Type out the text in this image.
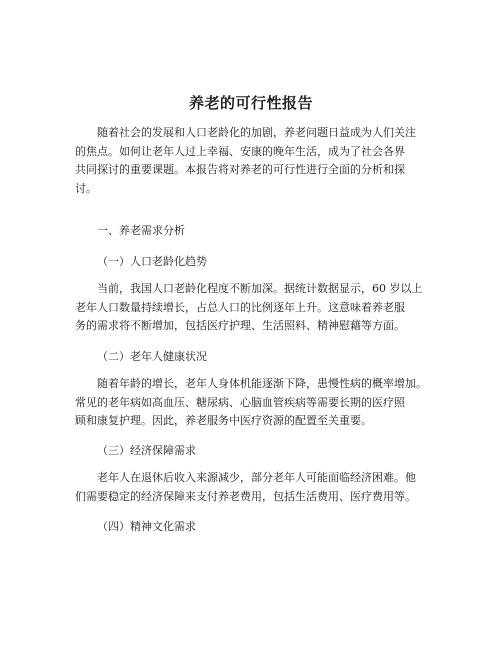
养老的可行性报告

随着社会的发展和人口老龄化的加剧，养老问题日益成为人们关注
的焦点。如何让老年人过上幸福、安康的晚年生活，成为了社会各界
共同探讨的重要课题。本报告将对养老的可行性进行全面的分析和探
讨。

一、养老需求分析
（一）人口老龄化趋势

当前，我国人口老龄化程度不断加深。据统计数据显示，60 岁以上
老年人口数量持续增长，占总人口的比例逐年上升。这意味着养老服
务的需求将不断增加，包括医疗护理、生活照料、精神慰藉等方面。

（二）老年人健康状况

随着年龄的增长，老年人身体机能逐渐下降，患慢性病的概率增加。
常见的老年病如高血压、糖尿病、心脑血管疾病等需要长期的医疗照
顾和康复护理。因此，养老服务中医疗资源的配置至关重要。

（三）经济保障需求

老年人在退休后收入来源减少，部分老年人可能面临经济困难。他
们需要稳定的经济保障来支付养老费用，包括生活费用、医疗费用等。

（四）精神文化需求
